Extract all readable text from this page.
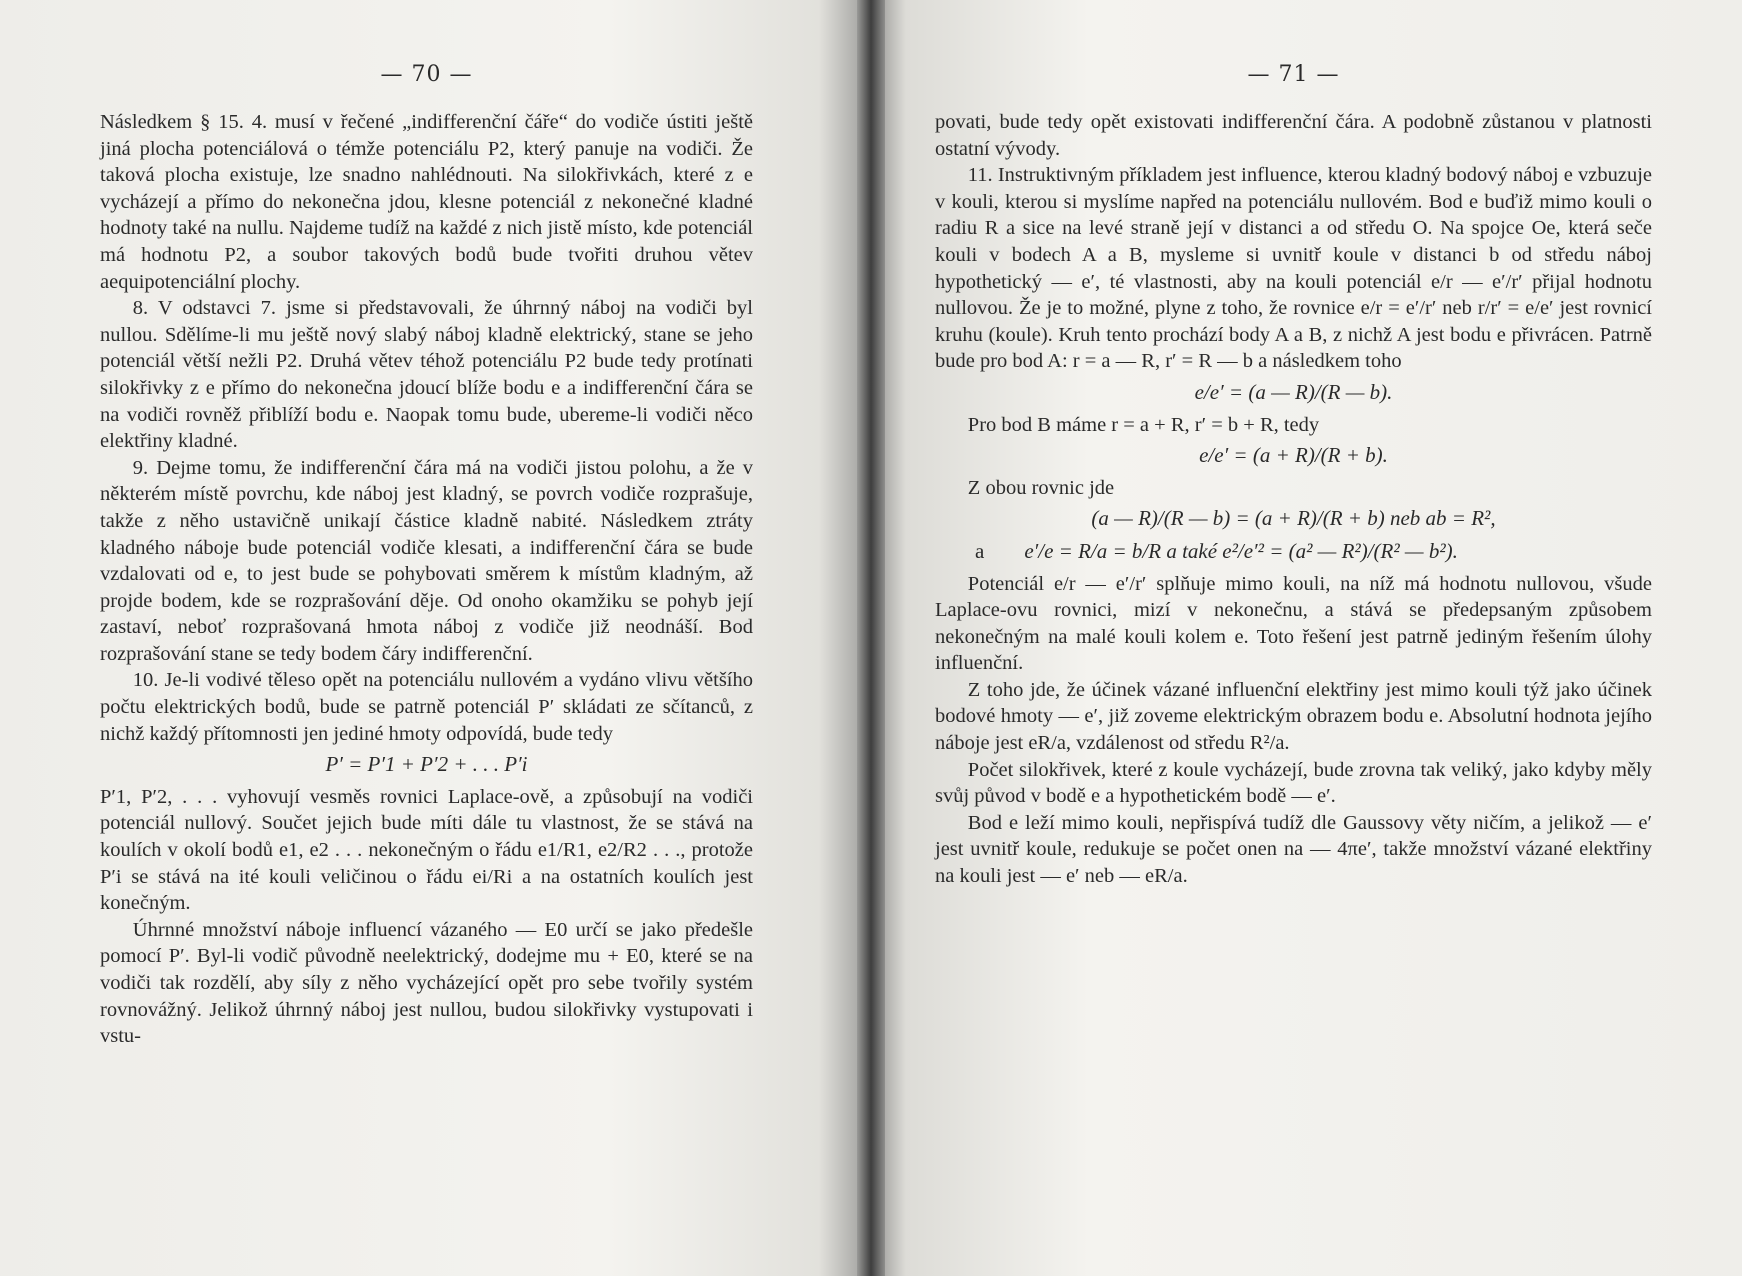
— 70 —

Následkem § 15. 4. musí v řečené „indifferenční čáře“ do vodiče ústiti ještě jiná plocha potenciálová o témže potenciálu P2, který panuje na vodiči. Že taková plocha existuje, lze snadno nahlédnouti. Na silokřivkách, které z e vycházejí a přímo do nekonečna jdou, klesne potenciál z nekonečné kladné hodnoty také na nullu. Najdeme tudíž na každé z nich jistě místo, kde potenciál má hodnotu P2, a soubor takových bodů bude tvořiti druhou větev aequipotenciální plochy.

8. V odstavci 7. jsme si představovali, že úhrnný náboj na vodiči byl nullou. Sdělíme-li mu ještě nový slabý náboj kladně elektrický, stane se jeho potenciál větší nežli P2. Druhá větev téhož potenciálu P2 bude tedy protínati silokřivky z e přímo do nekonečna jdoucí blíže bodu e a indifferenční čára se na vodiči rovněž přiblíží bodu e. Naopak tomu bude, ubereme-li vodiči něco elektřiny kladné.

9. Dejme tomu, že indifferenční čára má na vodiči jistou polohu, a že v některém místě povrchu, kde náboj jest kladný, se povrch vodiče rozprašuje, takže z něho ustavičně unikají částice kladně nabité. Následkem ztráty kladného náboje bude potenciál vodiče klesati, a indifferenční čára se bude vzdalovati od e, to jest bude se pohybovati směrem k místům kladným, až projde bodem, kde se rozprašování děje. Od onoho okamžiku se pohyb její zastaví, neboť rozprašovaná hmota náboj z vodiče již neodnáší. Bod rozprašování stane se tedy bodem čáry indifferenční.

10. Je-li vodivé těleso opět na potenciálu nullovém a vydáno vlivu většího počtu elektrických bodů, bude se patrně potenciál P′ skládati ze sčítanců, z nichž každý přítomnosti jen jediné hmoty odpovídá, bude tedy

P′ = P′1 + P′2 + . . . P′i

P′1, P′2, . . . vyhovují vesměs rovnici Laplace-ově, a způsobují na vodiči potenciál nullový. Součet jejich bude míti dále tu vlastnost, že se stává na koulích v okolí bodů e1, e2 . . . nekonečným o řádu e1/R1, e2/R2 . . ., protože P′i se stává na ité kouli veličinou o řádu ei/Ri a na ostatních koulích jest konečným.

Úhrnné množství náboje influencí vázaného — E0 určí se jako předešle pomocí P′. Byl-li vodič původně neelektrický, dodejme mu + E0, které se na vodiči tak rozdělí, aby síly z něho vycházející opět pro sebe tvořily systém rovnovážný. Jelikož úhrnný náboj jest nullou, budou silokřivky vystupovati i vstu-

— 71 —

povati, bude tedy opět existovati indifferenční čára. A podobně zůstanou v platnosti ostatní vývody.

11. Instruktivným příkladem jest influence, kterou kladný bodový náboj e vzbuzuje v kouli, kterou si myslíme napřed na potenciálu nullovém. Bod e buďiž mimo kouli o radiu R a sice na levé straně její v distanci a od středu O. Na spojce Oe, která seče kouli v bodech A a B, mysleme si uvnitř koule v distanci b od středu náboj hypothetický — e′, té vlastnosti, aby na kouli potenciál e/r — e′/r′ přijal hodnotu nullovou. Že je to možné, plyne z toho, že rovnice e/r = e′/r′ neb r/r′ = e/e′ jest rovnicí kruhu (koule). Kruh tento prochází body A a B, z nichž A jest bodu e přivrácen. Patrně bude pro bod A: r = a — R, r′ = R — b a následkem toho

e/e′ = (a — R)/(R — b).

Pro bod B máme r = a + R, r′ = b + R, tedy

e/e′ = (a + R)/(R + b).

Z obou rovnic jde

(a — R)/(R — b) = (a + R)/(R + b) neb ab = R²,
a e′/e = R/a = b/R a také e²/e′² = (a² — R²)/(R² — b²).

Potenciál e/r — e′/r′ splňuje mimo kouli, na níž má hodnotu nullovou, všude Laplace-ovu rovnici, mizí v nekonečnu, a stává se předepsaným způsobem nekonečným na malé kouli kolem e. Toto řešení jest patrně jediným řešením úlohy influenční.

Z toho jde, že účinek vázané influenční elektřiny jest mimo kouli týž jako účinek bodové hmoty — e′, již zoveme elektrickým obrazem bodu e. Absolutní hodnota jejího náboje jest eR/a, vzdálenost od středu R²/a.

Počet silokřivek, které z koule vycházejí, bude zrovna tak veliký, jako kdyby měly svůj původ v bodě e a hypothetickém bodě — e′.

Bod e leží mimo kouli, nepřispívá tudíž dle Gaussovy věty ničím, a jelikož — e′ jest uvnitř koule, redukuje se počet onen na — 4πe′, takže množství vázané elektřiny na kouli jest — e′ neb — eR/a.
